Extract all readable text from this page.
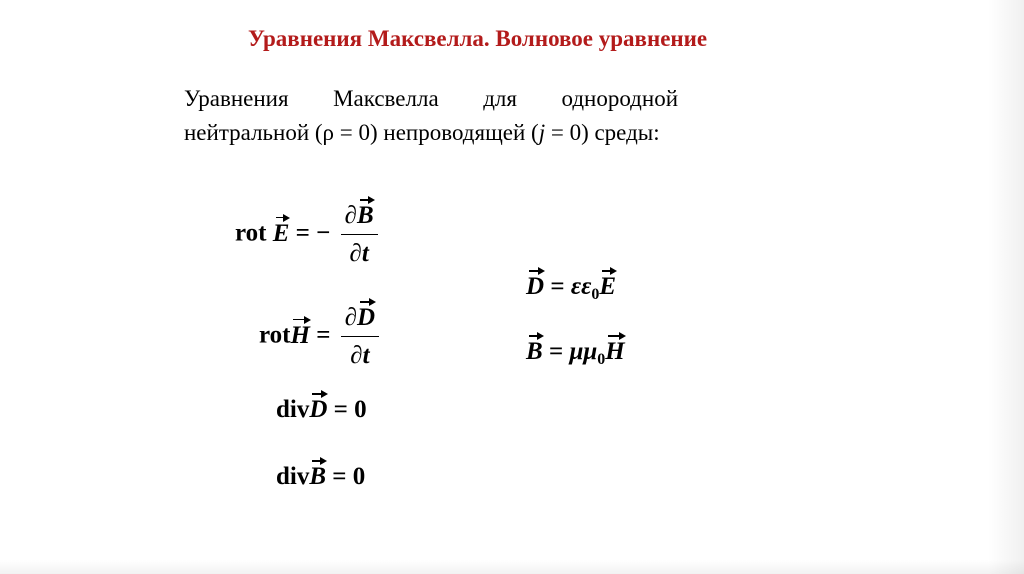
Уравнения Максвелла. Волновое уравнение
Уравнения Максвелла для однородной нейтральной (ρ = 0) непроводящей (j = 0) среды:
rot E = − $\frac{\partial B}{\partial t}$
rotH = $\frac{\partial D}{\partial t}$
divD = 0
divB = 0
$D = \varepsilon\varepsilon_0E$
$B = \mu\mu_0H$
